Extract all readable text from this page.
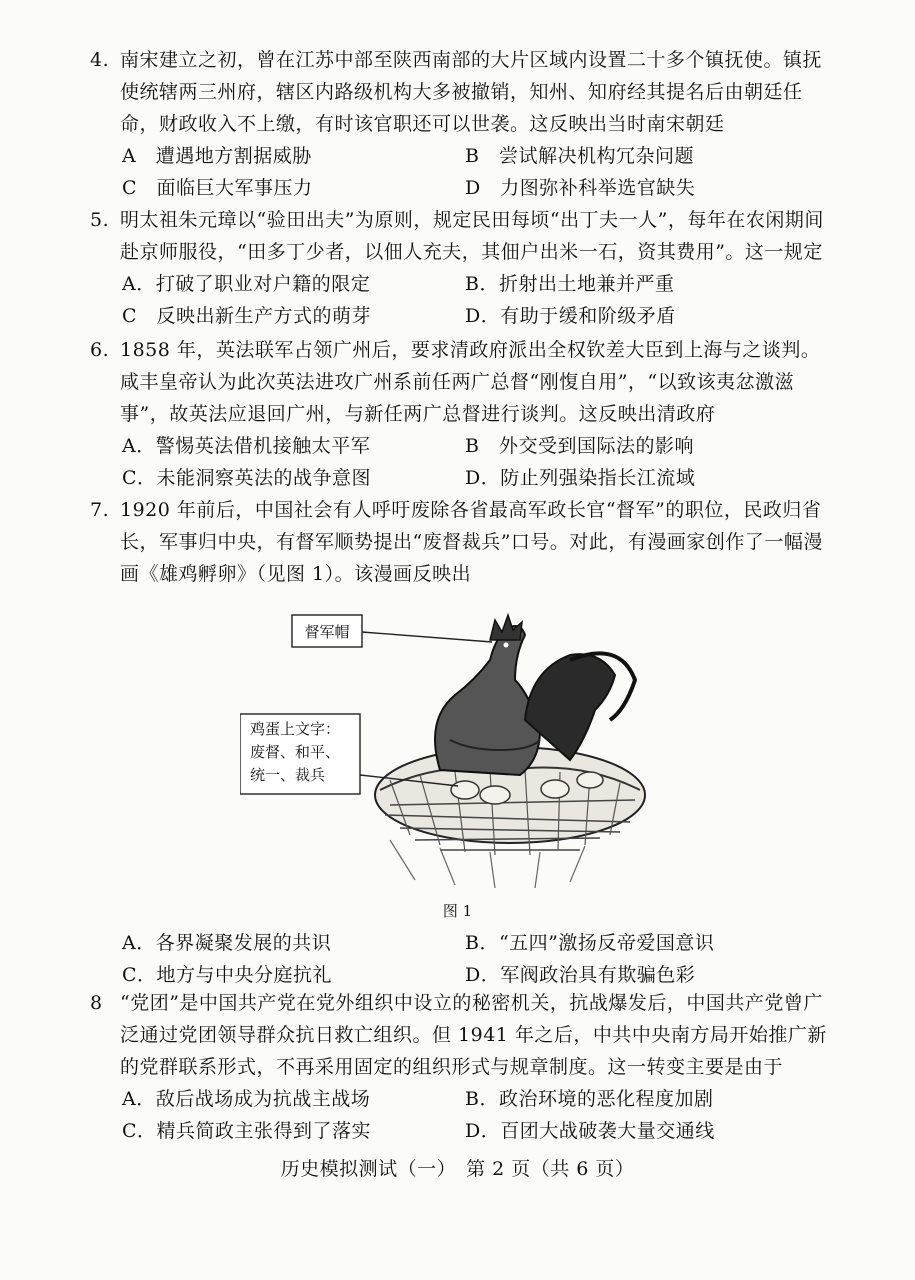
4. 南宋建立之初，曾在江苏中部至陕西南部的大片区域内设置二十多个镇抚使。镇抚使统辖两三州府，辖区内路级机构大多被撤销，知州、知府经其提名后由朝廷任命，财政收入不上缴，有时该官职还可以世袭。这反映出当时南宋朝廷
A　遭遇地方割据威胁	B　尝试解决机构冗杂问题
C　面临巨大军事压力	D　力图弥补科举选官缺失
5. 明太祖朱元璋以“验田出夫”为原则，规定民田每顷“出丁夫一人”，每年在农闲期间赴京师服役，“田多丁少者，以佃人充夫，其佃户出米一石，资其费用”。这一规定
A．打破了职业对户籍的限定	B．折射出土地兼并严重
C　反映出新生产方式的萌芽	D．有助于缓和阶级矛盾
6. 1858 年，英法联军占领广州后，要求清政府派出全权钦差大臣到上海与之谈判。咸丰皇帝认为此次英法进攻广州系前任两广总督“刚愎自用”，“以致该夷忿激滋事”，故英法应退回广州，与新任两广总督进行谈判。这反映出清政府
A．警惕英法借机接触太平军	B　外交受到国际法的影响
C．未能洞察英法的战争意图	D．防止列强染指长江流域
7. 1920 年前后，中国社会有人呼吁废除各省最高军政长官“督军”的职位，民政归省长，军事归中央，有督军顺势提出“废督裁兵”口号。对此，有漫画家创作了一幅漫画《雄鸡孵卵》（见图 1）。该漫画反映出
督军帽
鸡蛋上文字：
废督、和平、
统一、裁兵
图 1
A．各界凝聚发展的共识	B．“五四”激扬反帝爱国意识
C．地方与中央分庭抗礼	D．军阀政治具有欺骗色彩
8 “党团”是中国共产党在党外组织中设立的秘密机关，抗战爆发后，中国共产党曾广泛通过党团领导群众抗日救亡组织。但 1941 年之后，中共中央南方局开始推广新的党群联系形式，不再采用固定的组织形式与规章制度。这一转变主要是由于
A．敌后战场成为抗战主战场	B．政治环境的恶化程度加剧
C．精兵简政主张得到了落实	D．百团大战破袭大量交通线
历史模拟测试（一）　第 2 页（共 6 页）
